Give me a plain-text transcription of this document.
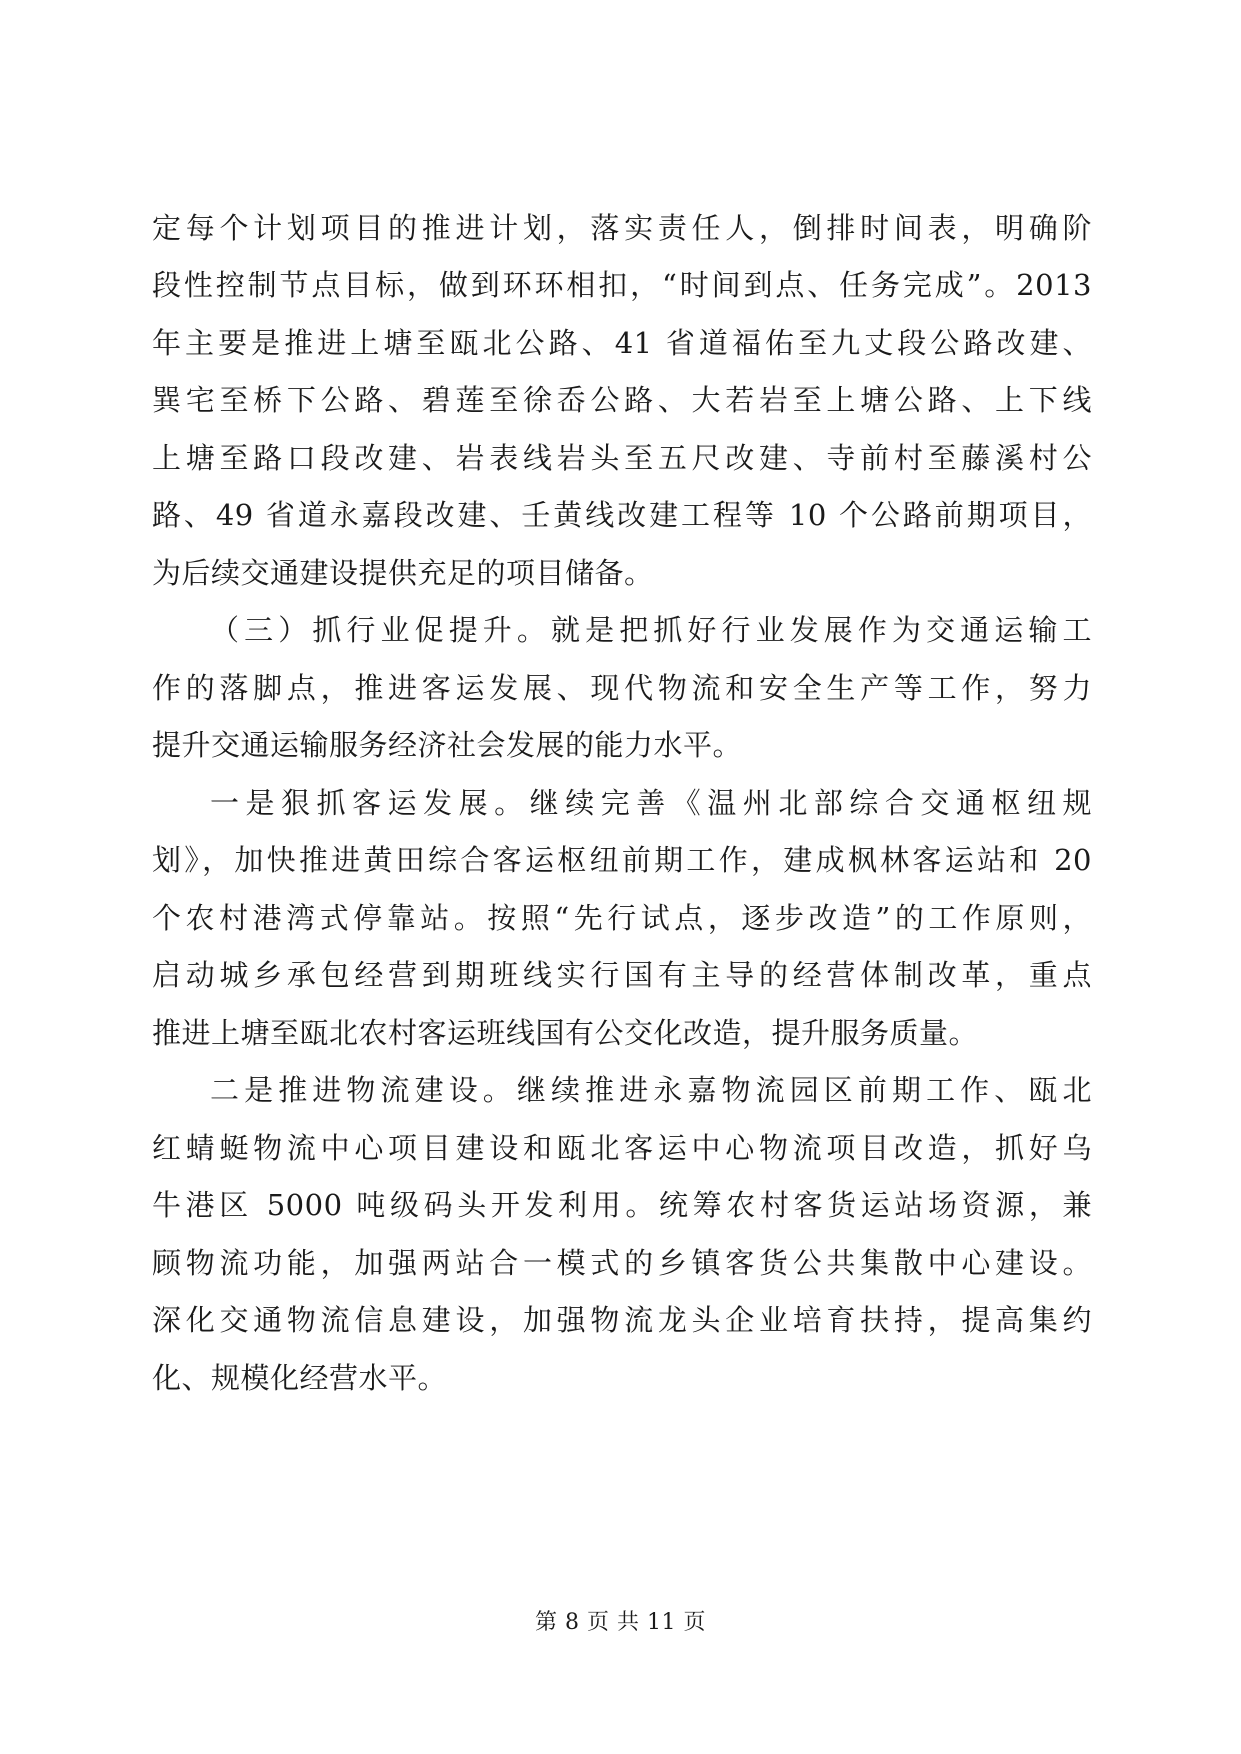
定每个计划项目的推进计划，落实责任人，倒排时间表，明确阶
段性控制节点目标，做到环环相扣，“时间到点、任务完成”。2013
年主要是推进上塘至瓯北公路、41 省道福佑至九丈段公路改建、
巽宅至桥下公路、碧莲至徐岙公路、大若岩至上塘公路、上下线
上塘至路口段改建、岩表线岩头至五尺改建、寺前村至藤溪村公
路、49 省道永嘉段改建、壬黄线改建工程等 10 个公路前期项目，
为后续交通建设提供充足的项目储备。
（三）抓行业促提升。就是把抓好行业发展作为交通运输工
作的落脚点，推进客运发展、现代物流和安全生产等工作，努力
提升交通运输服务经济社会发展的能力水平。
一是狠抓客运发展。继续完善《温州北部综合交通枢纽规
划》，加快推进黄田综合客运枢纽前期工作，建成枫林客运站和 20
个农村港湾式停靠站。按照“先行试点，逐步改造”的工作原则，
启动城乡承包经营到期班线实行国有主导的经营体制改革，重点
推进上塘至瓯北农村客运班线国有公交化改造，提升服务质量。
二是推进物流建设。继续推进永嘉物流园区前期工作、瓯北
红蜻蜓物流中心项目建设和瓯北客运中心物流项目改造，抓好乌
牛港区 5000 吨级码头开发利用。统筹农村客货运站场资源，兼
顾物流功能，加强两站合一模式的乡镇客货公共集散中心建设。
深化交通物流信息建设，加强物流龙头企业培育扶持，提高集约
化、规模化经营水平。
第 8 页 共 11 页
